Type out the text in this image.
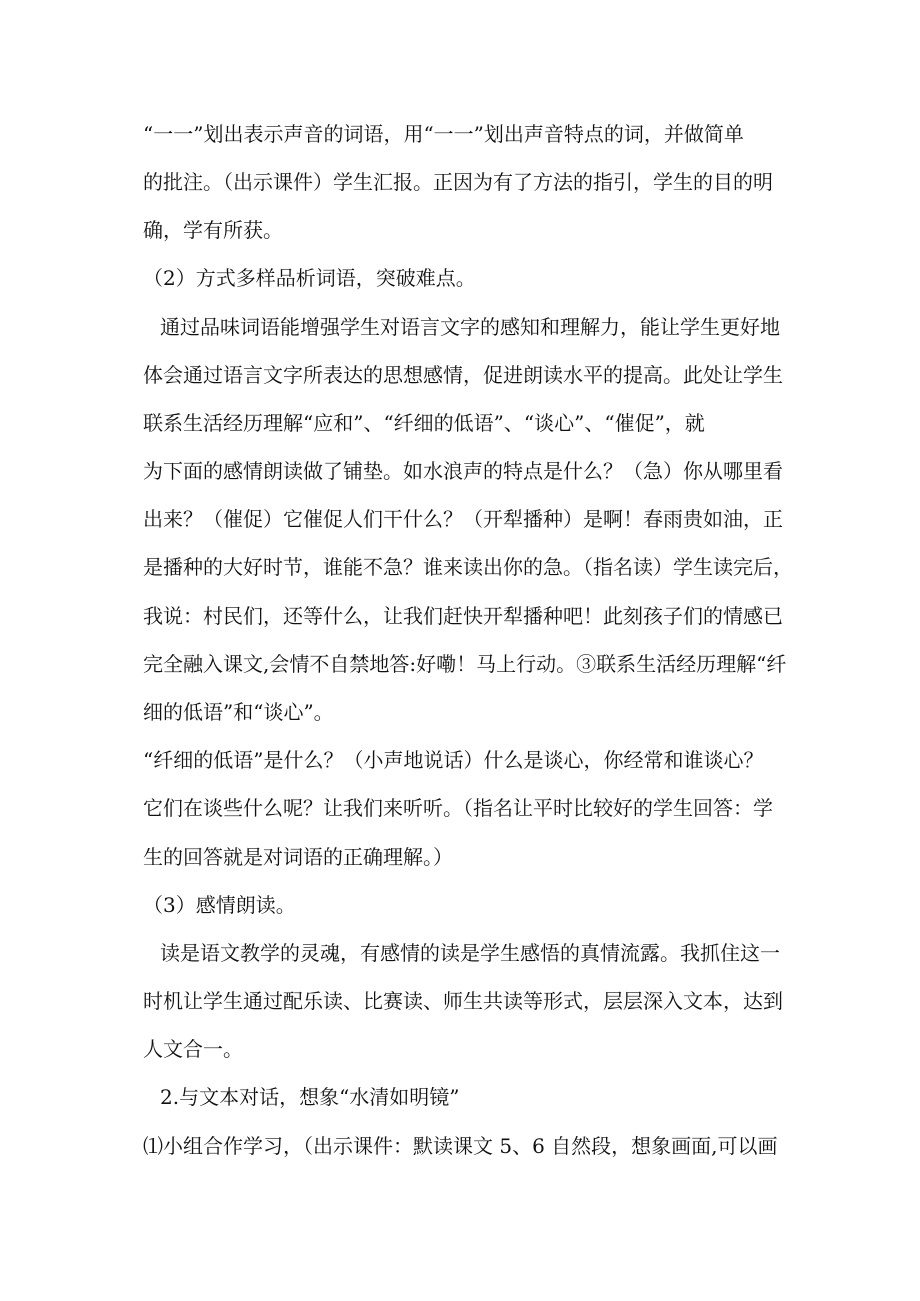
“一一”划出表示声音的词语，用“一一”划出声音特点的词，并做简单
的批注。（出示课件）学生汇报。正因为有了方法的指引，学生的目的明
确，学有所获。
（2）方式多样品析词语，突破难点。
通过品味词语能增强学生对语言文字的感知和理解力，能让学生更好地
体会通过语言文字所表达的思想感情，促进朗读水平的提高。此处让学生
联系生活经历理解“应和”、“纤细的低语”、“谈心”、“催促”，就
为下面的感情朗读做了铺垫。如水浪声的特点是什么？（急）你从哪里看
出来？（催促）它催促人们干什么？（开犁播种）是啊！春雨贵如油，正
是播种的大好时节，谁能不急？谁来读出你的急。（指名读）学生读完后，
我说：村民们，还等什么，让我们赶快开犁播种吧！此刻孩子们的情感已
完全融入课文,会情不自禁地答:好嘞！马上行动。③联系生活经历理解“纤
细的低语”和“谈心”。
“纤细的低语”是什么？（小声地说话）什么是谈心，你经常和谁谈心？
它们在谈些什么呢？让我们来听听。（指名让平时比较好的学生回答：学
生的回答就是对词语的正确理解。）
（3）感情朗读。
读是语文教学的灵魂，有感情的读是学生感悟的真情流露。我抓住这一
时机让学生通过配乐读、比赛读、师生共读等形式，层层深入文本，达到
人文合一。
2.与文本对话，想象“水清如明镜”
⑴小组合作学习，（出示课件：默读课文 5、6 自然段，想象画面,可以画
